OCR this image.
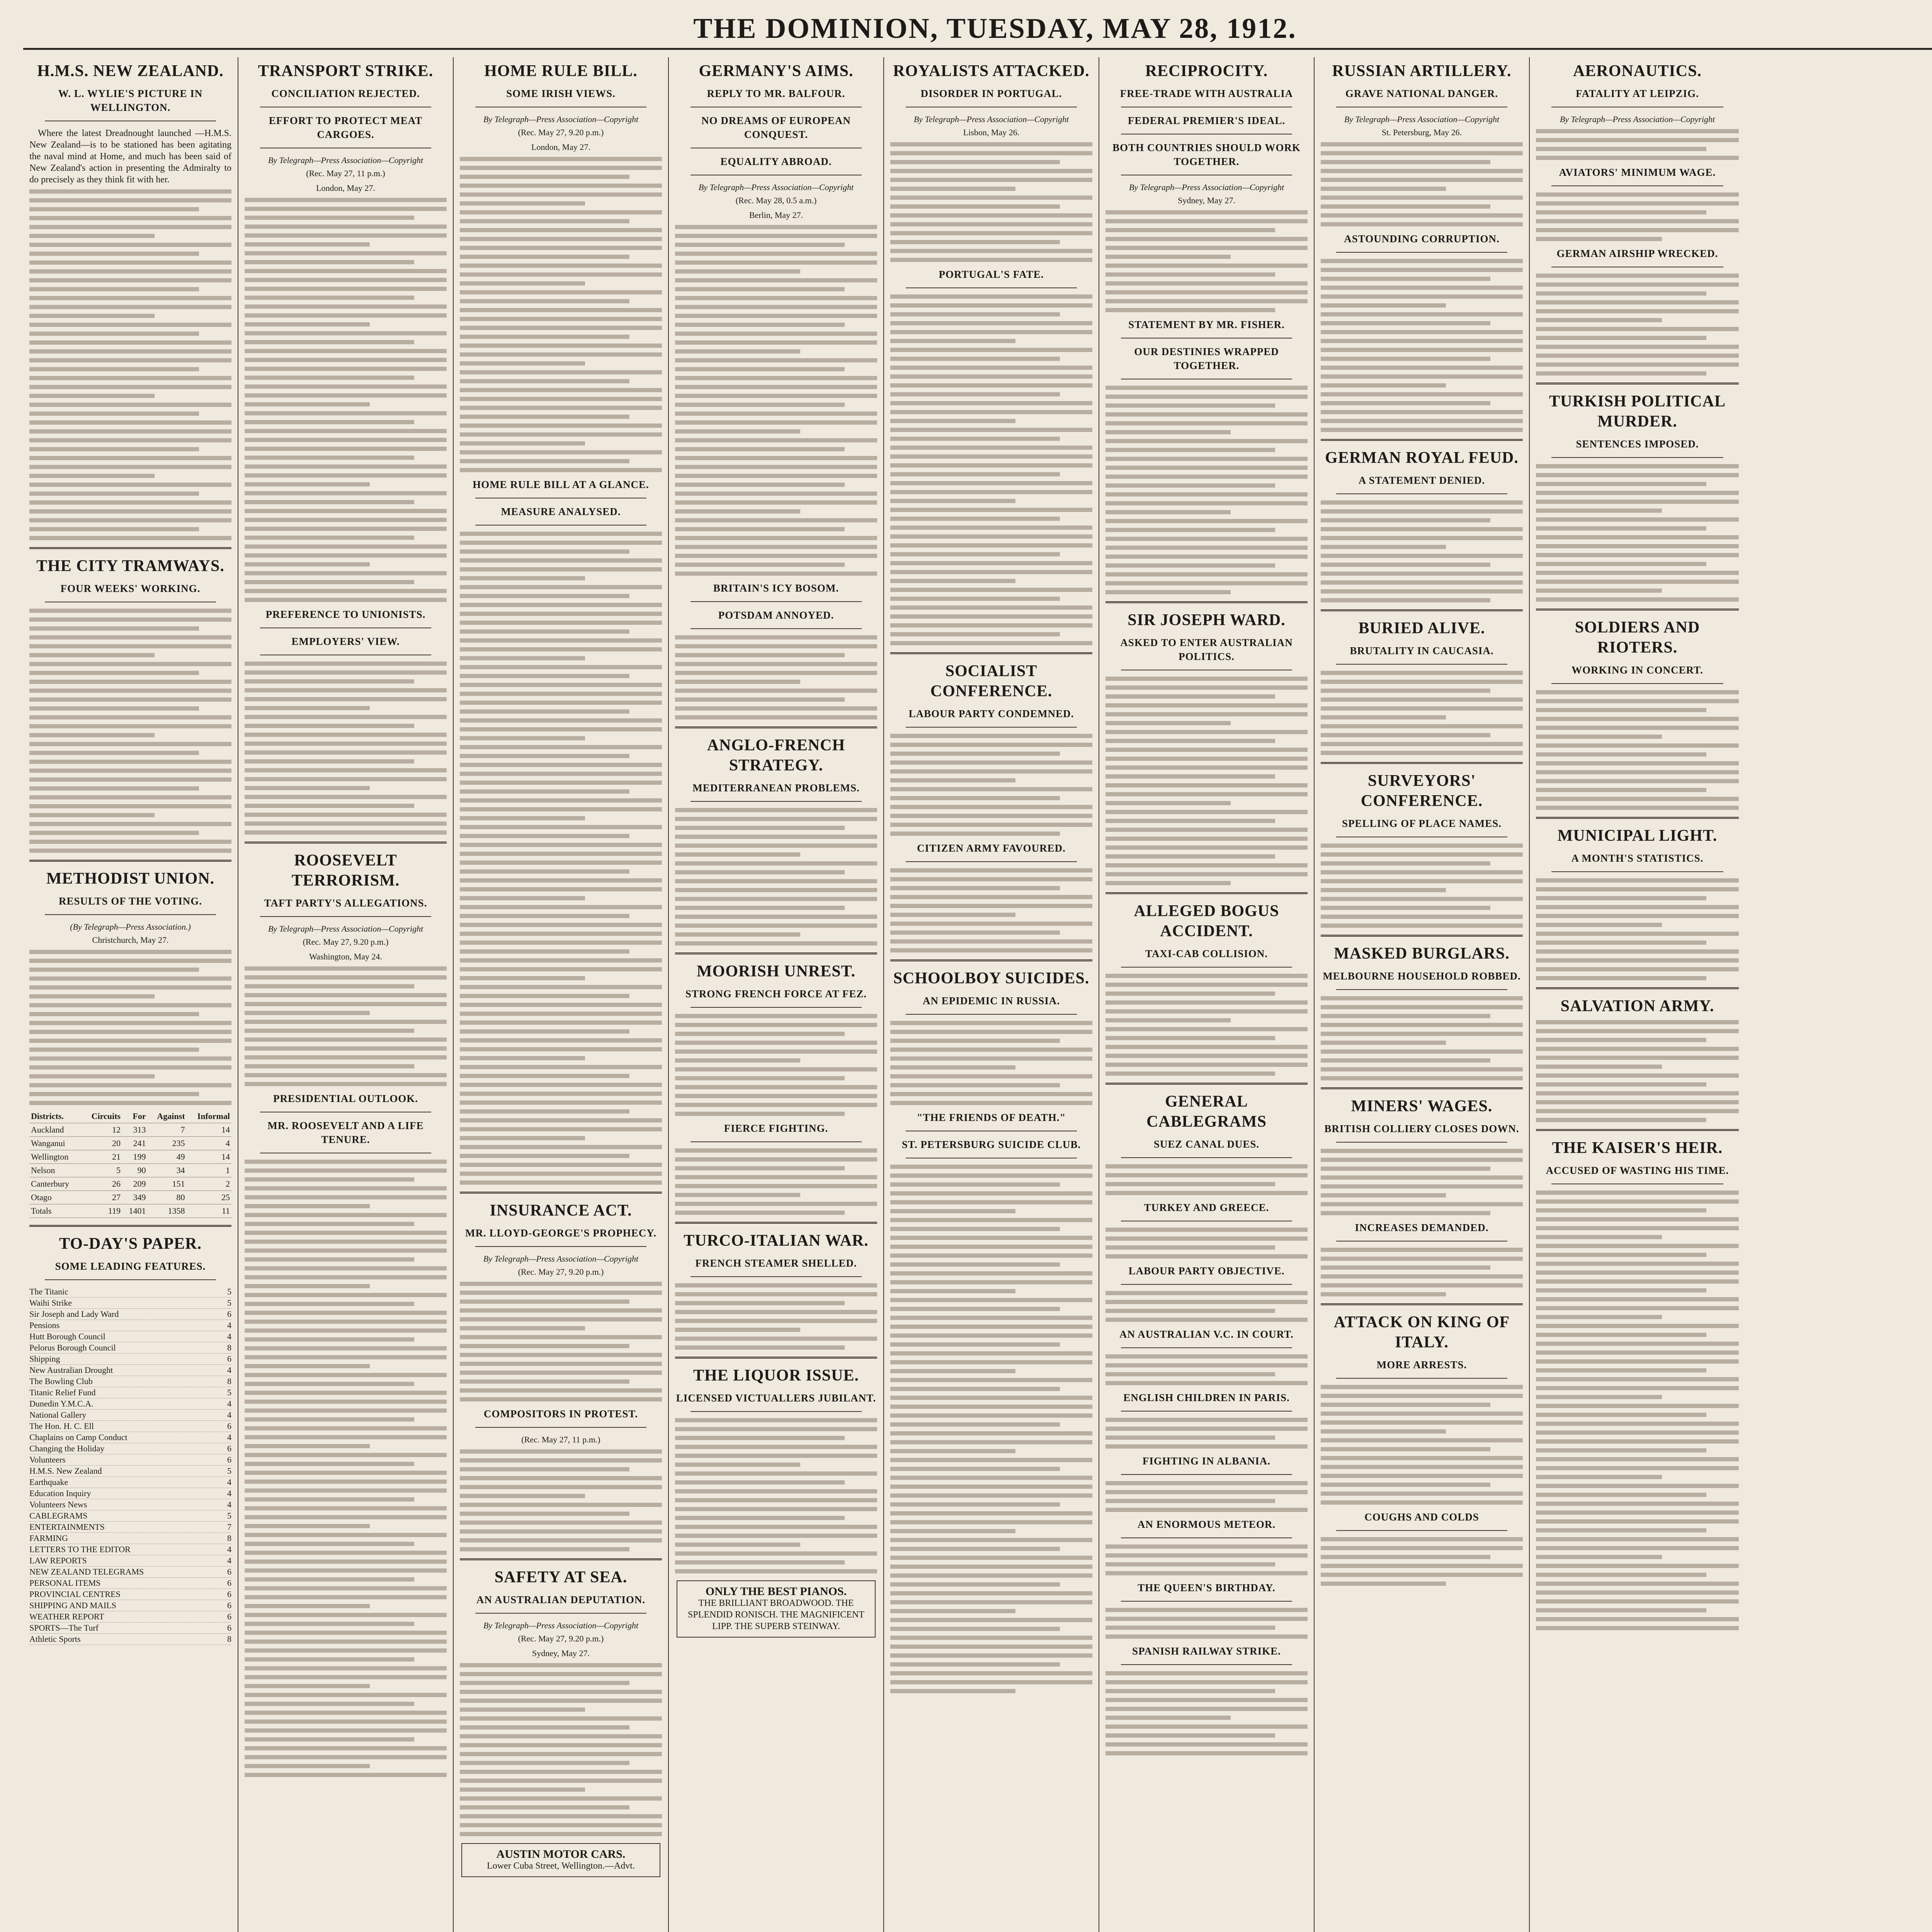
THE DOMINION, TUESDAY, MAY 28, 1912.
H.M.S. NEW ZEALAND.
W. L. WYLIE'S PICTURE IN WELLINGTON.

Where the latest Dreadnought launched —H.M.S. New Zealand—is to be stationed has been agitating the naval mind at Home, and much has been said of New Zealand's action in presenting the Admiralty to do precisely as they think fit with her.

THE CITY TRAMWAYS.
FOUR WEEKS' WORKING.
METHODIST UNION.
RESULTS OF THE VOTING.
(By Telegraph—Press Association.)
Christchurch, May 27.
Districts.	Circuits	For	Against	Informal
Auckland	12	313	7	14
Wanganui	20	241	235	4
Wellington	21	199	49	14
Nelson	5	90	34	1
Canterbury	26	209	151	2
Otago	27	349	80	25
Totals	119	1401	1358	11
TO-DAY'S PAPER.
SOME LEADING FEATURES.
The Titanic	5
Waihi Strike	5
Sir Joseph and Lady Ward	6
Pensions	4
Hutt Borough Council	4
Pelorus Borough Council	8
Shipping	6
New Australian Drought	4
The Bowling Club	8
Titanic Relief Fund	5
Dunedin Y.M.C.A.	4
National Gallery	4
The Hon. H. C. Ell	6
Chaplains on Camp Conduct	4
Changing the Holiday	6
Volunteers	6
H.M.S. New Zealand	5
Earthquake	4
Education Inquiry	4
Volunteers News	4
CABLEGRAMS	5
ENTERTAINMENTS	7
FARMING	8
LETTERS TO THE EDITOR	4
LAW REPORTS	4
NEW ZEALAND TELEGRAMS	6
PERSONAL ITEMS	6
PROVINCIAL CENTRES	6
SHIPPING AND MAILS	6
WEATHER REPORT	6
SPORTS—The Turf	6
Athletic Sports	8
TRANSPORT STRIKE.
CONCILIATION REJECTED.
EFFORT TO PROTECT MEAT CARGOES.
By Telegraph—Press Association—Copyright
(Rec. May 27, 11 p.m.)
London, May 27.
PREFERENCE TO UNIONISTS.
EMPLOYERS' VIEW.
ROOSEVELT TERRORISM.
TAFT PARTY'S ALLEGATIONS.
By Telegraph—Press Association—Copyright
(Rec. May 27, 9.20 p.m.)
Washington, May 24.
PRESIDENTIAL OUTLOOK.
MR. ROOSEVELT AND A LIFE TENURE.
HOME RULE BILL.
SOME IRISH VIEWS.
By Telegraph—Press Association—Copyright
(Rec. May 27, 9.20 p.m.)
London, May 27.
HOME RULE BILL AT A GLANCE.
MEASURE ANALYSED.
INSURANCE ACT.
MR. LLOYD-GEORGE'S PROPHECY.
By Telegraph—Press Association—Copyright
(Rec. May 27, 9.20 p.m.)
COMPOSITORS IN PROTEST.
(Rec. May 27, 11 p.m.)
SAFETY AT SEA.
AN AUSTRALIAN DEPUTATION.
By Telegraph—Press Association—Copyright
(Rec. May 27, 9.20 p.m.)
Sydney, May 27.
AUSTIN MOTOR CARS.
Lower Cuba Street, Wellington.—Advt.
GERMANY'S AIMS.
REPLY TO MR. BALFOUR.
NO DREAMS OF EUROPEAN CONQUEST.
EQUALITY ABROAD.
By Telegraph—Press Association—Copyright
(Rec. May 28, 0.5 a.m.)
Berlin, May 27.
BRITAIN'S ICY BOSOM.
POTSDAM ANNOYED.
ANGLO-FRENCH STRATEGY.
MEDITERRANEAN PROBLEMS.
MOORISH UNREST.
STRONG FRENCH FORCE AT FEZ.
FIERCE FIGHTING.
TURCO-ITALIAN WAR.
FRENCH STEAMER SHELLED.
THE LIQUOR ISSUE.
LICENSED VICTUALLERS JUBILANT.
ONLY THE BEST PIANOS.
THE BRILLIANT BROADWOOD. THE SPLENDID RONISCH. THE MAGNIFICENT LIPP. THE SUPERB STEINWAY.
ROYALISTS ATTACKED.
DISORDER IN PORTUGAL.
By Telegraph—Press Association—Copyright
Lisbon, May 26.
PORTUGAL'S FATE.
SOCIALIST CONFERENCE.
LABOUR PARTY CONDEMNED.
CITIZEN ARMY FAVOURED.
SCHOOLBOY SUICIDES.
AN EPIDEMIC IN RUSSIA.
"THE FRIENDS OF DEATH."
ST. PETERSBURG SUICIDE CLUB.
RECIPROCITY.
FREE-TRADE WITH AUSTRALIA
FEDERAL PREMIER'S IDEAL.
BOTH COUNTRIES SHOULD WORK TOGETHER.
By Telegraph—Press Association—Copyright
Sydney, May 27.
STATEMENT BY MR. FISHER.
OUR DESTINIES WRAPPED TOGETHER.
SIR JOSEPH WARD.
ASKED TO ENTER AUSTRALIAN POLITICS.
ALLEGED BOGUS ACCIDENT.
TAXI-CAB COLLISION.
GENERAL CABLEGRAMS
SUEZ CANAL DUES.
TURKEY AND GREECE.
LABOUR PARTY OBJECTIVE.
AN AUSTRALIAN V.C. IN COURT.
ENGLISH CHILDREN IN PARIS.
FIGHTING IN ALBANIA.
AN ENORMOUS METEOR.
THE QUEEN'S BIRTHDAY.
SPANISH RAILWAY STRIKE.
RUSSIAN ARTILLERY.
GRAVE NATIONAL DANGER.
By Telegraph—Press Association—Copyright
St. Petersburg, May 26.
ASTOUNDING CORRUPTION.
GERMAN ROYAL FEUD.
A STATEMENT DENIED.
BURIED ALIVE.
BRUTALITY IN CAUCASIA.
SURVEYORS' CONFERENCE.
SPELLING OF PLACE NAMES.
MASKED BURGLARS.
MELBOURNE HOUSEHOLD ROBBED.
MINERS' WAGES.
BRITISH COLLIERY CLOSES DOWN.
INCREASES DEMANDED.
ATTACK ON KING OF ITALY.
MORE ARRESTS.
COUGHS AND COLDS
AERONAUTICS.
FATALITY AT LEIPZIG.
By Telegraph—Press Association—Copyright
AVIATORS' MINIMUM WAGE.
GERMAN AIRSHIP WRECKED.
TURKISH POLITICAL MURDER.
SENTENCES IMPOSED.
SOLDIERS AND RIOTERS.
WORKING IN CONCERT.
MUNICIPAL LIGHT.
A MONTH'S STATISTICS.
SALVATION ARMY.
THE KAISER'S HEIR.
ACCUSED OF WASTING HIS TIME.
